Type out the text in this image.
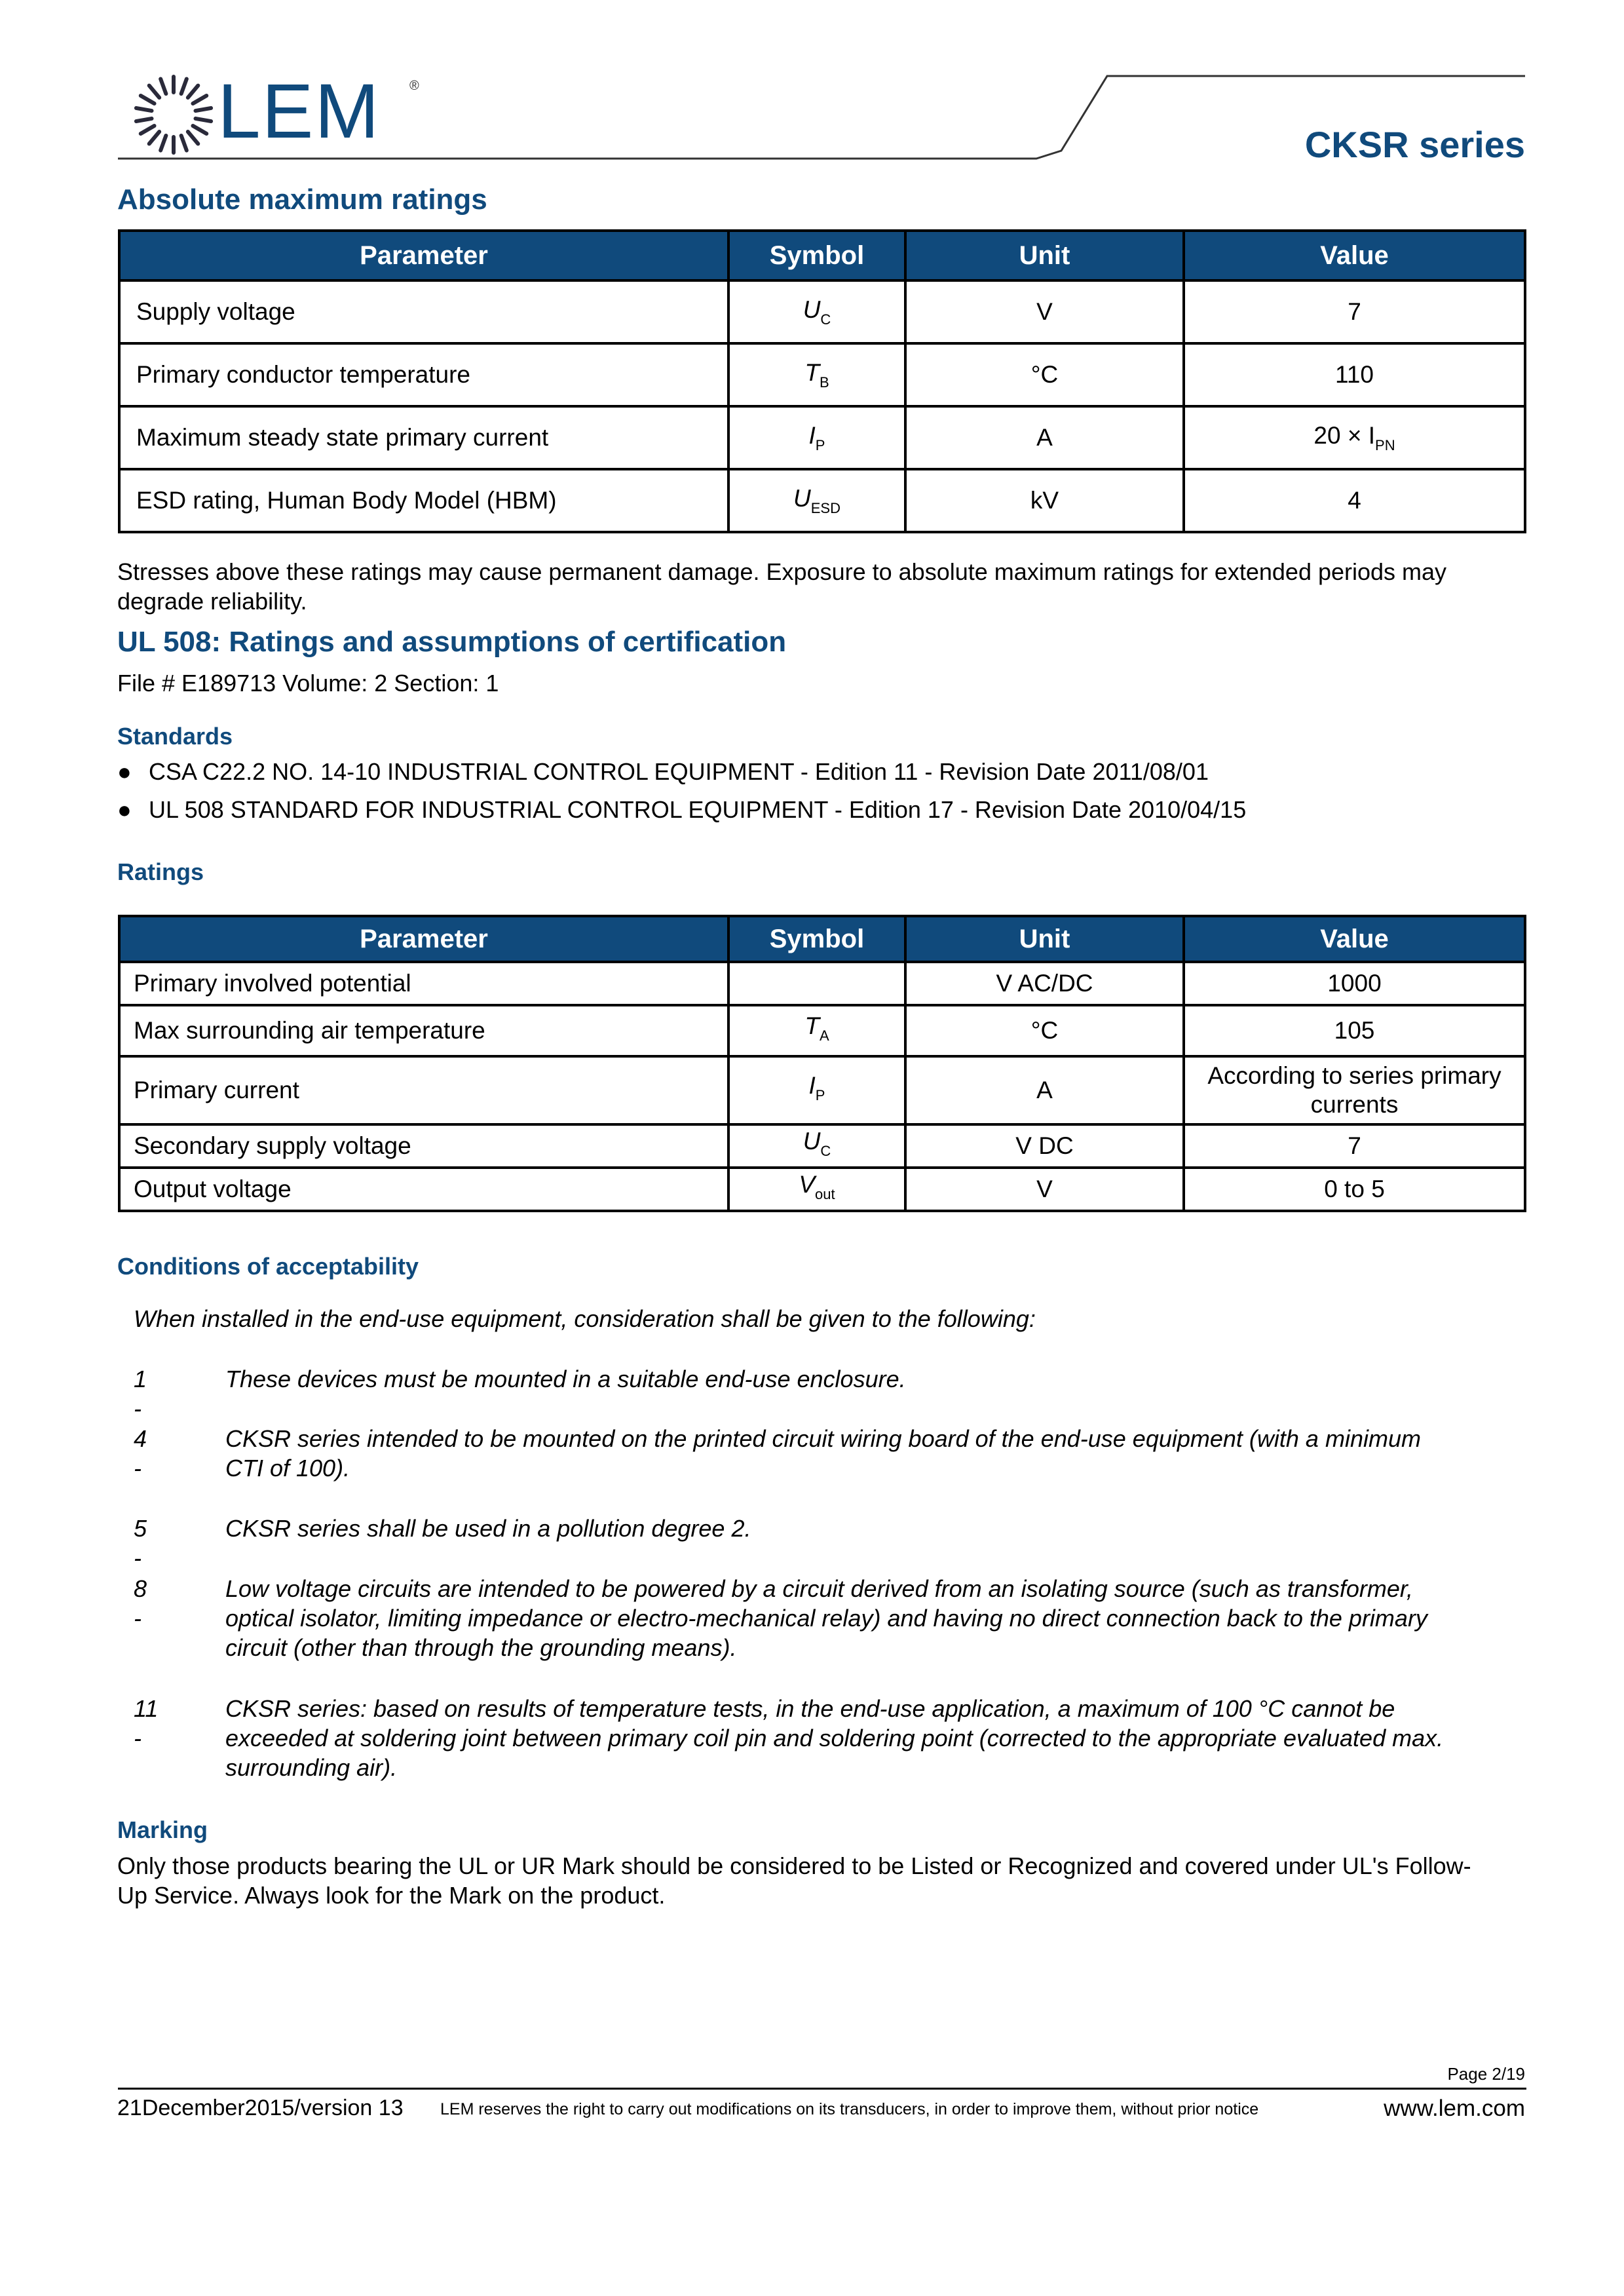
LEM ®
CKSR series
Absolute maximum ratings
Parameter	Symbol	Unit	Value
Supply voltage	$U_C$	V	7
Primary conductor temperature	$T_B$	°C	110
Maximum steady state primary current	$I_P$	A	$20 \times I_{PN}$
ESD rating, Human Body Model (HBM)	$U_{ESD}$	kV	4
Stresses above these ratings may cause permanent damage. Exposure to absolute maximum ratings for extended periods may
degrade reliability.
UL 508: Ratings and assumptions of certification
File # E189713 Volume: 2 Section: 1
Standards
● CSA C22.2 NO. 14-10 INDUSTRIAL CONTROL EQUIPMENT - Edition 11 - Revision Date 2011/08/01
● UL 508 STANDARD FOR INDUSTRIAL CONTROL EQUIPMENT - Edition 17 - Revision Date 2010/04/15
Ratings
Parameter	Symbol	Unit	Value
Primary involved potential		V AC/DC	1000
Max surrounding air temperature	$T_A$	°C	105
Primary current	$I_P$	A	According to series primary currents
Secondary supply voltage	$U_C$	V DC	7
Output voltage	$V_{out}$	V	0 to 5
Conditions of acceptability
When installed in the end-use equipment, consideration shall be given to the following:
1 -
These devices must be mounted in a suitable end-use enclosure.
4 -
CKSR series intended to be mounted on the printed circuit wiring board of the end-use equipment (with a minimum
CTI of 100).
5 -
CKSR series shall be used in a pollution degree 2.
8 -
Low voltage circuits are intended to be powered by a circuit derived from an isolating source (such as transformer,
optical isolator, limiting impedance or electro-mechanical relay) and having no direct connection back to the primary
circuit (other than through the grounding means).
11 -
CKSR series: based on results of temperature tests, in the end-use application, a maximum of 100 °C cannot be
exceeded at soldering joint between primary coil pin and soldering point (corrected to the appropriate evaluated max.
surrounding air).
Marking
Only those products bearing the UL or UR Mark should be considered to be Listed or Recognized and covered under UL's Follow-
Up Service. Always look for the Mark on the product.
Page 2/19
21December2015/version 13 LEM reserves the right to carry out modifications on its transducers, in order to improve them, without prior notice	www.lem.com
